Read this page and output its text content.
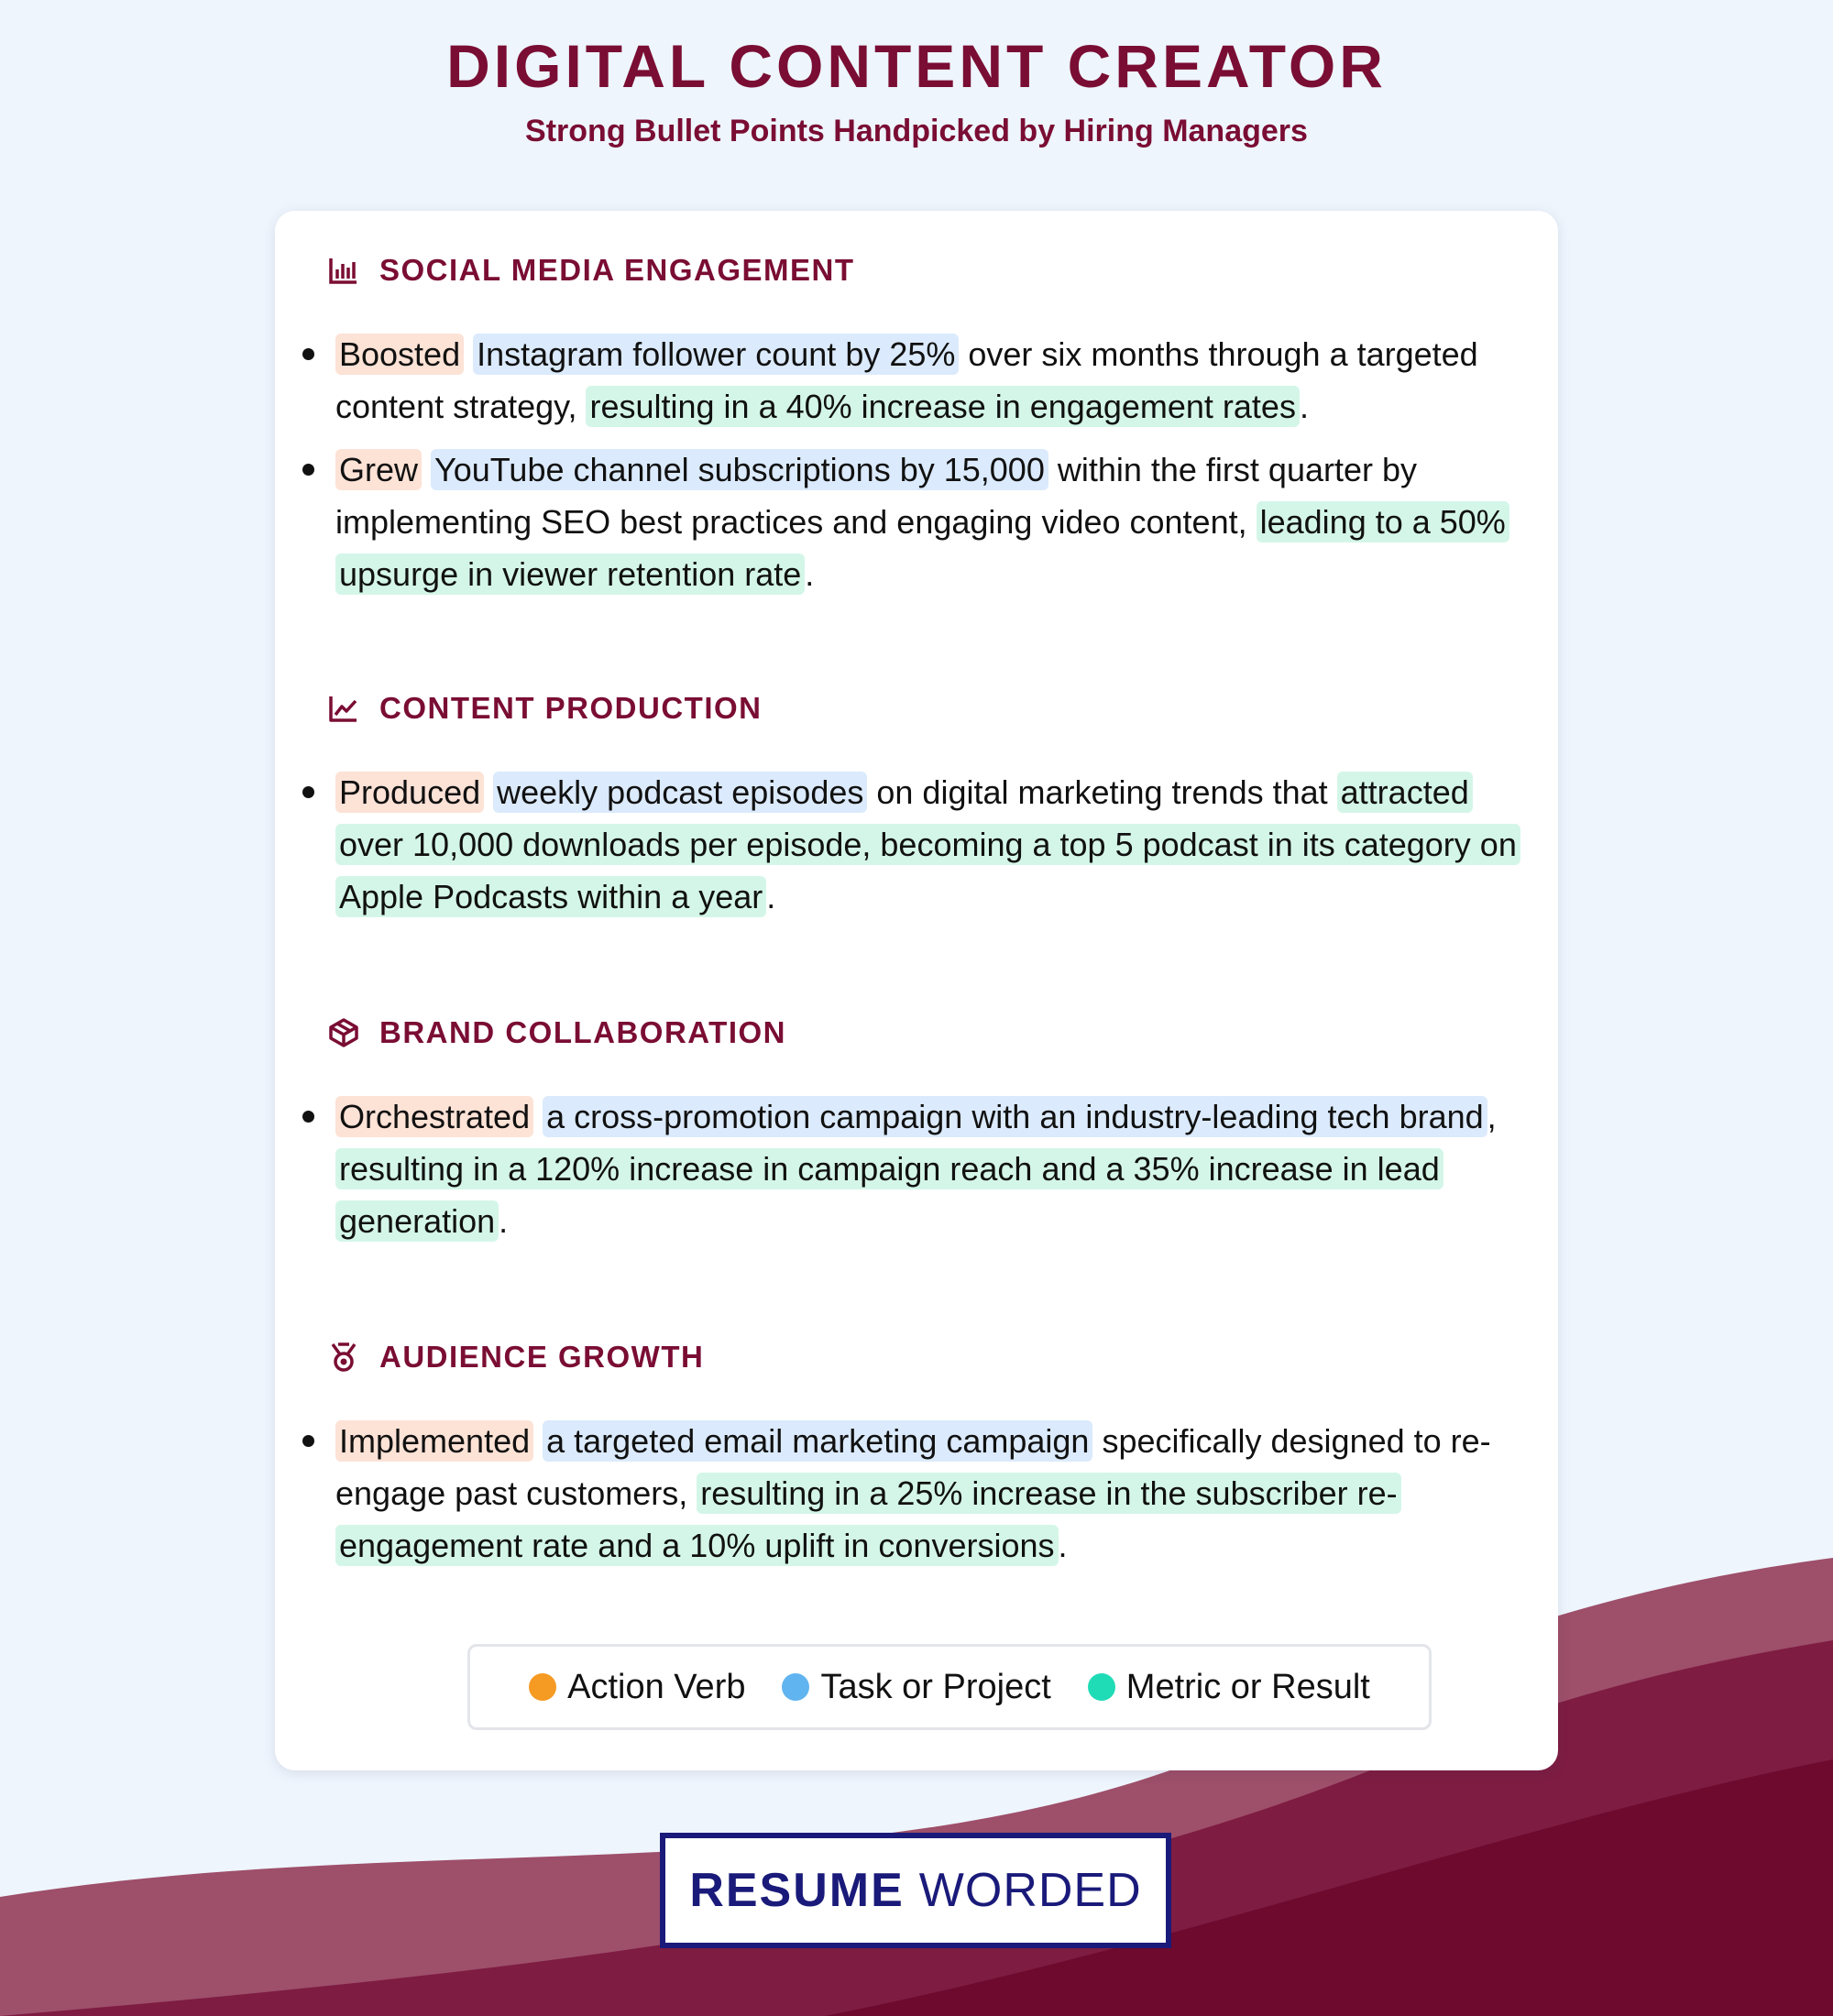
DIGITAL CONTENT CREATOR
Strong Bullet Points Handpicked by Hiring Managers
SOCIAL MEDIA ENGAGEMENT
Boosted Instagram follower count by 25% over six months through a targeted content strategy, resulting in a 40% increase in engagement rates .
Grew YouTube channel subscriptions by 15,000 within the first quarter by implementing SEO best practices and engaging video content, leading to a 50% upsurge in viewer retention rate .
CONTENT PRODUCTION
Produced weekly podcast episodes on digital marketing trends that attracted over 10,000 downloads per episode, becoming a top 5 podcast in its category on Apple Podcasts within a year .
BRAND COLLABORATION
Orchestrated a cross-promotion campaign with an industry-leading tech brand , resulting in a 120% increase in campaign reach and a 35% increase in lead generation .
AUDIENCE GROWTH
Implemented a targeted email marketing campaign specifically designed to re-engage past customers, resulting in a 25% increase in the subscriber re-engagement rate and a 10% uplift in conversions .
Action Verb Task or Project Metric or Result
RESUME WORDED
